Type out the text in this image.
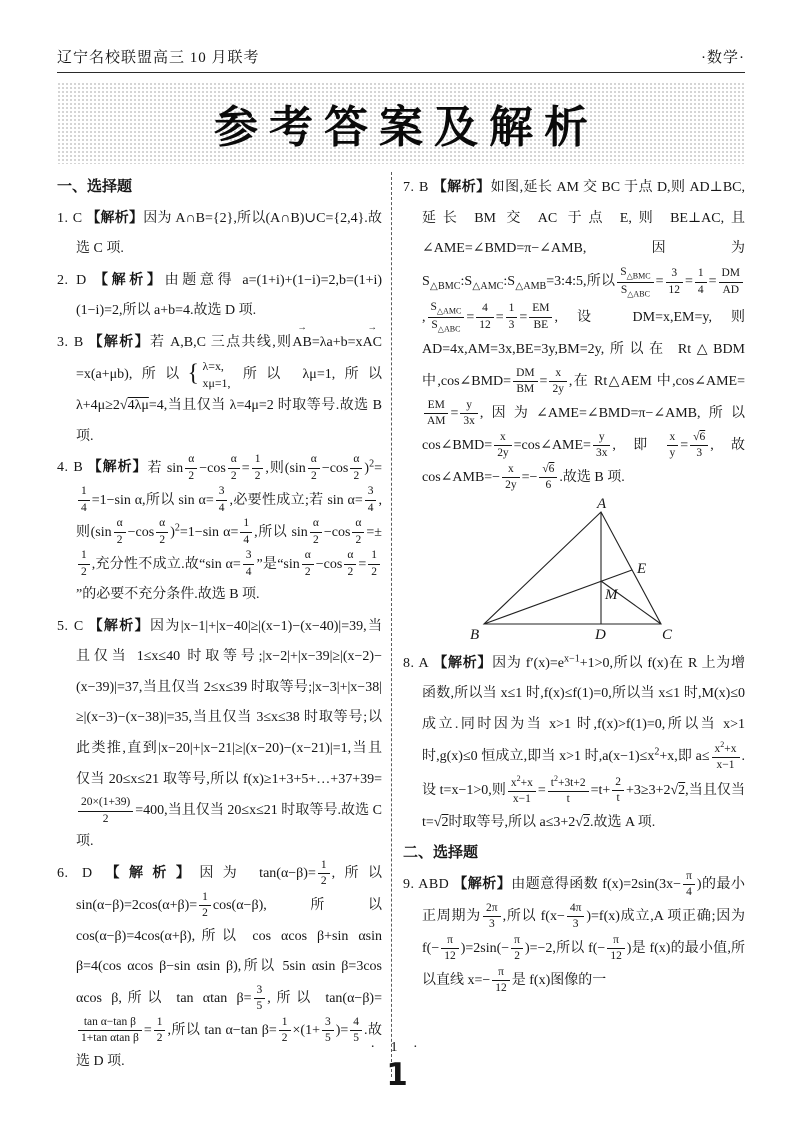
辽宁名校联盟高三 10 月联考	·数学·
参考答案及解析
一、选择题
1. C 【解析】因为 A∩B={2},所以(A∩B)∪C={2,4}.故选 C 项.
2. D 【解析】由题意得 a=(1+i)+(1−i)=2,b=(1+i)(1−i)=2,所以 a+b=4.故选 D 项.
3. B 【解析】若 A,B,C 三点共线,则AB →=λa+b=xAC →=x(a+μb),所以
{ λ=x,
xμ=1,
所以 λμ=1,所以 λ+4μ≥2√4λμ=4,当且仅当 λ=4μ=2 时取等号.故选 B 项.
4. B 【解析】若 $\sin \frac{\alpha}{2} -\cos \frac{\alpha}{2} = \frac{1}{2}$ ,则$(\sin \frac{\alpha}{2} -\cos \frac{\alpha}{2} )^2=$
$\frac{1}{4} =1-\sin$ α,所以 $\sin \alpha= \frac{3}{4}$ ,必要性成立;若 $\sin \alpha= \frac{3}{4}$ ,则$(\sin \frac{\alpha}{2} -\cos \frac{\alpha}{2} )^2=1-\sin$ $\alpha= \frac{1}{4}$ ,所以 $\sin \frac{\alpha}{2} -\cos \frac{\alpha}{2}$ =±
$\frac{1}{2}$ ,充分性不成立.故“sin $\alpha= \frac{3}{4}$ ”是“$\sin \frac{\alpha}{2} -\cos \frac{\alpha}{2} = \frac{1}{2}$
”的必要不充分条件.故选 B 项.
5. C 【解析】因为|x−1|+|x−40|≥|(x−1)−(x−40)|=39,当且仅当 1≤x≤40 时取等号;|x−2|+|x−39|≥|(x−2)−(x−39)|=37,当且仅当 2≤x≤39 时取等号;|x−3|+|x−38|≥|(x−3)−(x−38)|=35,当且仅当 3≤x≤38 时取等号;以此类推,直到|x−20|+|x−21|≥|(x−20)−(x−21)|=1,当且仅当 20≤x≤21 取等号,所以 f(x)≥1+3+5+…+37+39=
$\frac{20\times(1+39)}{2} =400$,当且仅当 20≤x≤21 时取等号.故选 C 项.
6. D 【解析】因为 $\tan(\alpha-\beta)= \frac{1}{2}$ ,所以 $\sin(\alpha-\beta)=2\cos(\alpha+\beta)= \frac{1}{2} \cos(\alpha-\beta)$,所以 cos(α−β)=4cos(α+β),所以 cos αcos β+sin αsin β=4(cos αcos β−sin αsin β),所以 5sin αsin β=3cos αcos β,所以 tan αtan $\beta= \frac{3}{5}$ ,所以 tan(α−β)=
$\frac{\text{tan α−tan β}}{\text{1+tan αtan β}} = \frac{1}{2}$ ,所以 tan α−tan $\beta= \frac{1}{2} \times(1+ \frac{3}{5}$ )= $\frac{4}{5}$ .故选 D 项.
7. B 【解析】如图,延长 AM 交 BC 于点 D,则 AD⊥BC,延长 BM 交 AC 于点 E,则 BE⊥AC,且∠AME=∠BMD=π−∠AMB,因为 $S_{\triangle BMC}:S_{\triangle AMC}:S_{\triangle AMB}=3:4:5$,所以
$S_{\triangle BMC}$
$S_{\triangle ABC}$
= $\frac{3}{12} = \frac{1}{4} = \frac{DM}{AD}$
,
$S_{\triangle AMC}$
$S_{\triangle ABC}$
= $\frac{4}{12} = \frac{1}{3} = \frac{EM}{BE}$ ,设 DM=x,EM=y,则 AD=4x,AM=3x,BE=3y,BM=2y,所以在 Rt△BDM 中,cos∠BMD= $\frac{DM}{BM} = \frac{x}{2y}$ ,在 Rt△AEM 中,cos∠AME=
$\frac{EM}{AM} = \frac{y}{3x}$ ,因为∠AME=∠BMD=π−∠AMB,所以 cos∠BMD= $\frac{x}{2y}$ =cos∠AME= $\frac{y}{3x}$ ,即 $\frac{x}{y} = \frac{√6}{3}$ ,故 cos∠AMB=− $\frac{x}{2y} =- \frac{√6}{6}$ .故选 B 项.
A
B	C
D
E
M
8. A 【解析】因为 $f'(x)=e^{x-1}+1>0$,所以 f(x)在 R 上为增函数,所以当 x≤1 时,f(x)≤f(1)=0,所以当 x≤1 时,M(x)≤0 成立.同时因为当 x>1 时,f(x)>f(1)=0,所以当 x>1 时,g(x)≤0 恒成立,即当 x>1 时$,a(x-1)\le x^2+x$,即 $a\le \frac{x^2+x}{x-1}$ .设 t=x−1>0,则 $\frac{x^2+x}{x-1} = \frac{t^2+3t+2}{t} =t+ \frac{2}{t} +3\ge 3+2√2$,当且仅当 t=√2时取等号,所以 a≤3+2√2.故选 A 项.
二、选择题
9. ABD 【解析】由题意得函数 $f(x)=2\sin(3x- \frac{\pi}{4}$ )的最小正周期为 $\frac{2\pi}{3}$ ,所以 $f(x- \frac{4\pi}{3} )=f(x)$成立,A 项正确;因为 $f(- \frac{\pi}{12} )=2\sin(- \frac{\pi}{2} )=-2$,所以 $f(- \frac{\pi}{12}$ )是 f(x)的最小值,所以直线 $x=- \frac{\pi}{12}$ 是 f(x)图像的一
· 1 ·
1
